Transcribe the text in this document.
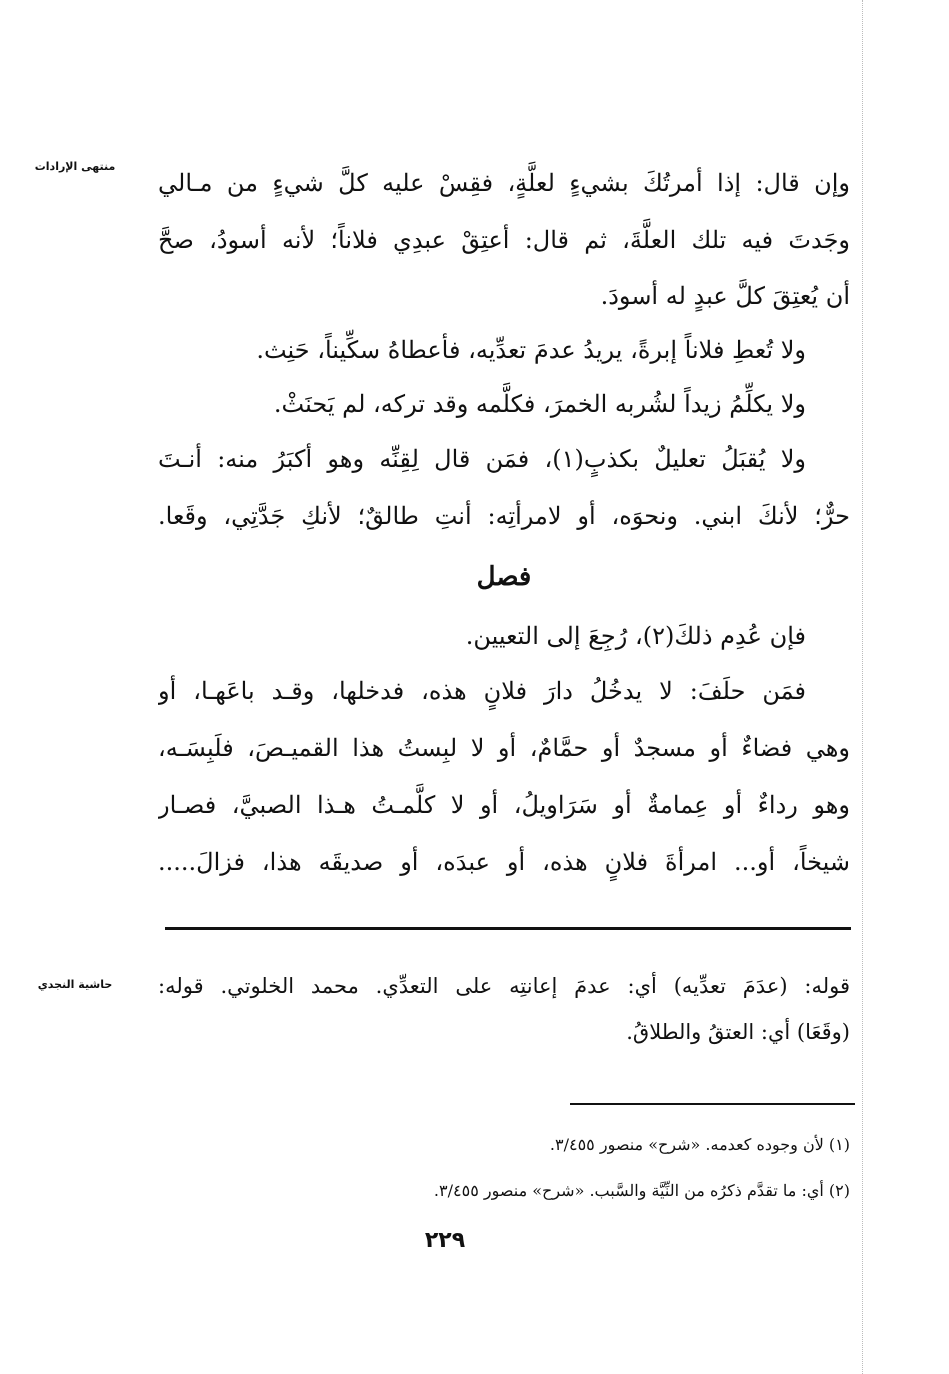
منتهى الإرادات
حاشية النجدي
وإن قال: إذا أمرتُكَ بشيءٍ لعلَّةٍ، فقِسْ عليه كلَّ شيءٍ من مـالي
وجَدتَ فيه تلك العلَّةَ، ثم قال: أعتِقْ عبدِي فلاناً؛ لأنه أسودُ، صحَّ
أن يُعتِقَ كلَّ عبدٍ له أسودَ.
ولا تُعطِ فلاناً إبرةً، يريدُ عدمَ تعدِّيه، فأعطاهُ سكِّيناً، حَنِث.
ولا يكلِّمُ زيداً لشُربه الخمرَ، فكلَّمه وقد تركه، لم يَحنَثْ.
ولا يُقبَلُ تعليلٌ بكذبٍ(١)، فمَن قال لِقِنِّه وهو أكبَرُ منه: أنـتَ
حرٌّ؛ لأنكَ ابني. ونحوَه، أو لامرأتِه: أنتِ طالقٌ؛ لأنكِ جَدَّتِي، وقَعا.
فصل
فإن عُدِم ذلكَ(٢)، رُجِعَ إلى التعيين.
فمَن حلَفَ: لا يدخُلُ دارَ فلانٍ هذه، فدخلها، وقـد باعَهـا، أو
وهي فضاءٌ أو مسجدٌ أو حمَّامٌ، أو لا لبِستُ هذا القميـصَ، فلَبِسَـه،
وهو رداءٌ أو عِمامةٌ أو سَرَاويلُ، أو لا كلَّمـتُ هـذا الصبيَّ، فصـار
شيخاً، أو... امرأةَ فلانٍ هذه، أو عبدَه، أو صديقَه هذا، فزالَ.....
قوله: (عدَمَ تعدِّيه) أي: عدمَ إعانتِه على التعدِّي. محمد الخلوتي. قوله:
(وقَعَا) أي: العتقُ والطلاقُ.
(١) لأن وجوده كعدمه. «شرح» منصور ٣/٤٥٥.
(٢) أي: ما تقدَّم ذكرُه من النِّيَّة والسَّبب. «شرح» منصور ٣/٤٥٥.
٢٢٩
